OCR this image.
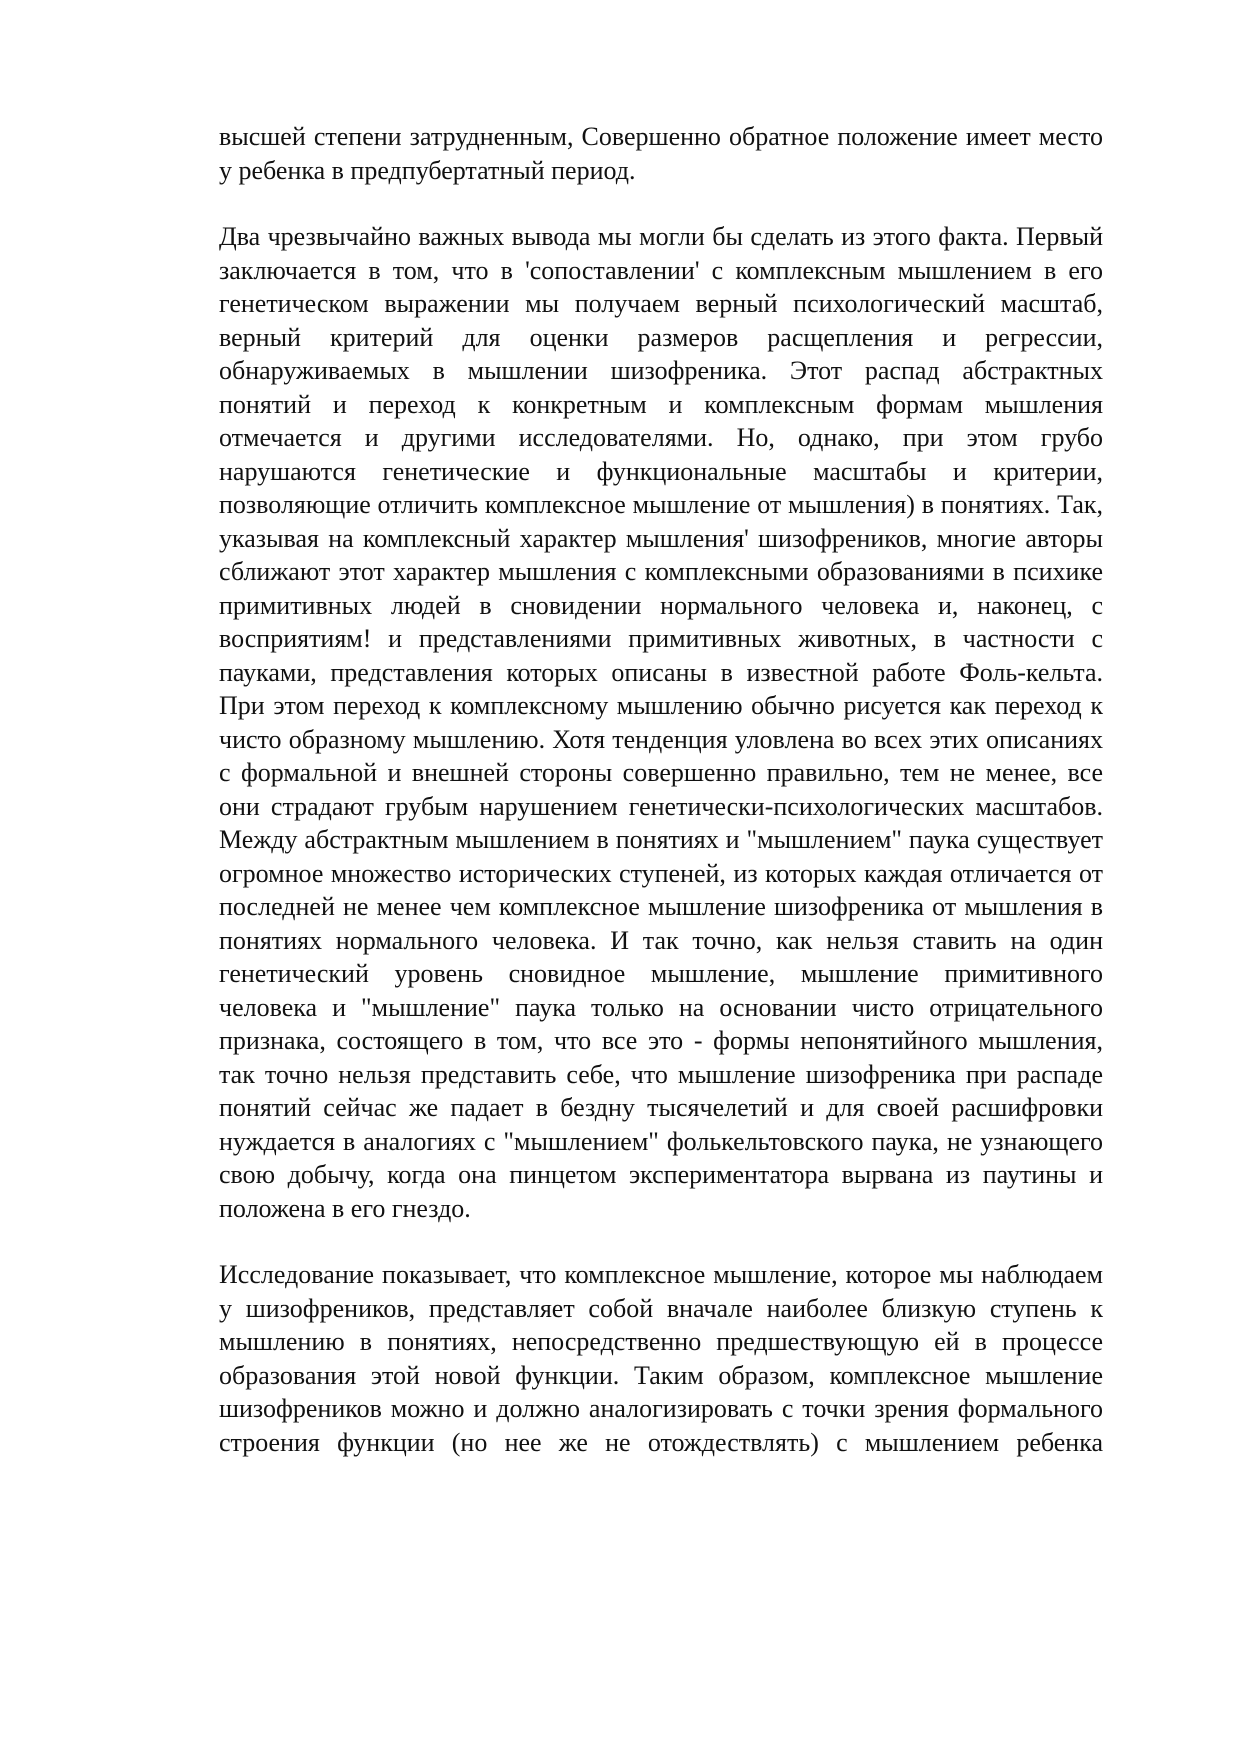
высшей степени затрудненным, Совершенно обратное положение имеет место у ребенка в предпубертатный период.

Два чрезвычайно важных вывода мы могли бы сделать из этого факта. Первый заключается в том, что в 'сопоставлении' с комплексным мышлением в его генетическом выражении мы получаем верный психологический масштаб, верный критерий для оценки размеров расщепления и регрессии, обнаруживаемых в мышлении шизофреника. Этот распад абстрактных понятий и переход к конкретным и комплексным формам мышления отмечается и другими исследователями. Но, однако, при этом грубо нарушаются генетические и функциональные масштабы и критерии, позволяющие отличить комплексное мышление от мышления) в понятиях. Так, указывая на комплексный характер мышления' шизофреников, многие авторы сближают этот характер мышления с комплексными образованиями в психике примитивных людей в сновидении нормального человека и, наконец, с восприятиям! и представлениями примитивных животных, в частности с пауками, представления которых описаны в известной работе Фоль-кельта. При этом переход к комплексному мышлению обычно рисуется как переход к чисто образному мышлению. Хотя тенденция уловлена во всех этих описаниях с формальной и внешней стороны совершенно правильно, тем не менее, все они страдают грубым нарушением генетически-психологических масштабов. Между абстрактным мышлением в понятиях и "мышлением" паука существует огромное множество исторических ступеней, из которых каждая отличается от последней не менее чем комплексное мышление шизофреника от мышления в понятиях нормального человека. И так точно, как нельзя ставить на один генетический уровень сновидное мышление, мышление примитивного человека и "мышление" паука только на основании чисто отрицательного признака, состоящего в том, что все это - формы непонятийного мышления, так точно нельзя представить себе, что мышление шизофреника при распаде понятий сейчас же падает в бездну тысячелетий и для своей расшифровки нуждается в аналогиях с "мышлением" фолькельтовского паука, не узнающего свою добычу, когда она пинцетом экспериментатора вырвана из паутины и положена в его гнездо.

Исследование показывает, что комплексное мышление, которое мы наблюдаем у шизофреников, представляет собой вначале наиболее близкую ступень к мышлению в понятиях, непосредственно предшествующую ей в процессе образования этой новой функции. Таким образом, комплексное мышление шизофреников можно и должно аналогизировать с точки зрения формального строения функции (но нее же не отождествлять) с мышлением ребенка
